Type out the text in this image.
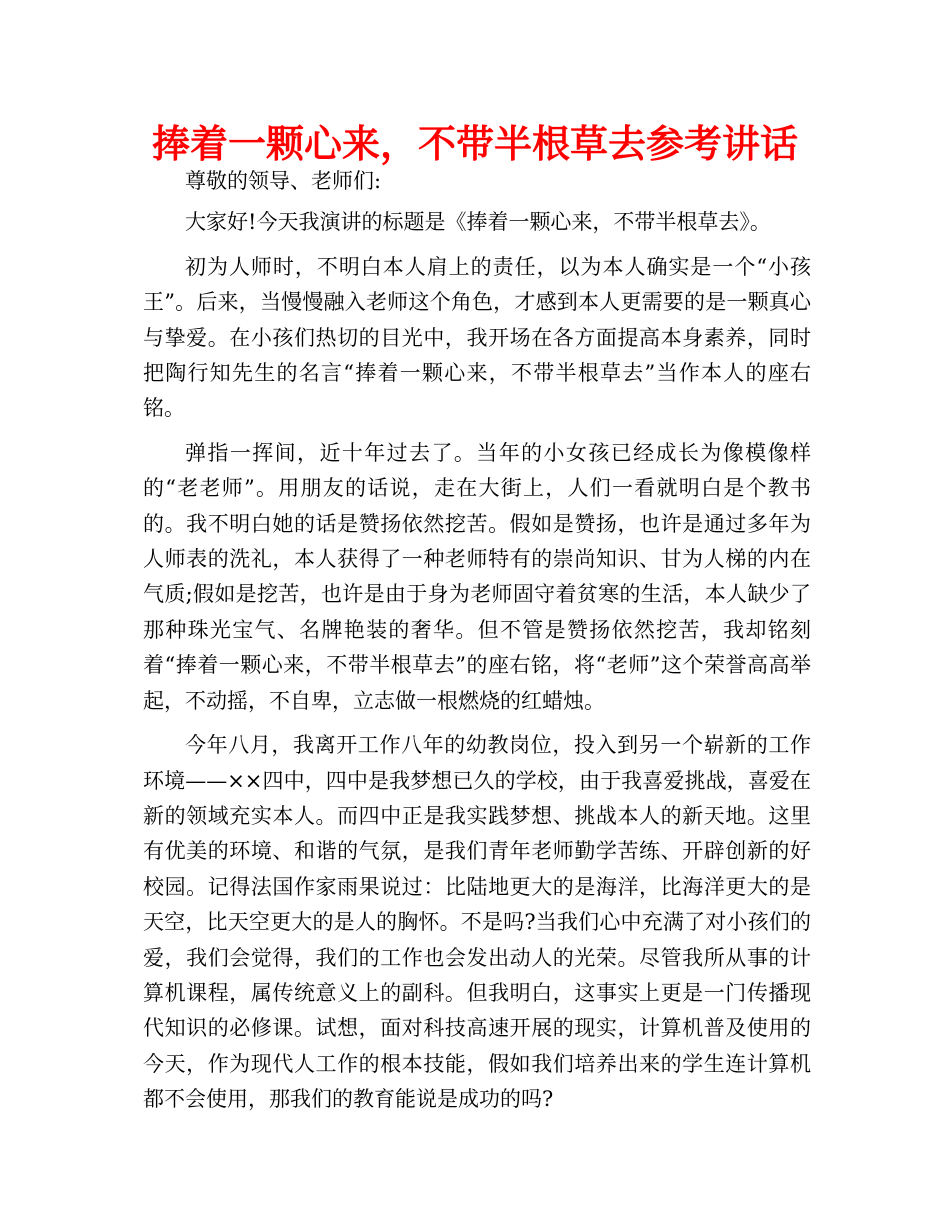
捧着一颗心来，不带半根草去参考讲话

尊敬的领导、老师们:

大家好!今天我演讲的标题是《捧着一颗心来，不带半根草去》。

初为人师时，不明白本人肩上的责任，以为本人确实是一个“小孩王”。后来，当慢慢融入老师这个角色，才感到本人更需要的是一颗真心与挚爱。在小孩们热切的目光中，我开场在各方面提高本身素养，同时把陶行知先生的名言“捧着一颗心来，不带半根草去”当作本人的座右铭。

弹指一挥间，近十年过去了。当年的小女孩已经成长为像模像样的“老老师”。用朋友的话说，走在大街上，人们一看就明白是个教书的。我不明白她的话是赞扬依然挖苦。假如是赞扬，也许是通过多年为人师表的洗礼，本人获得了一种老师特有的崇尚知识、甘为人梯的内在气质;假如是挖苦，也许是由于身为老师固守着贫寒的生活，本人缺少了那种珠光宝气、名牌艳装的奢华。但不管是赞扬依然挖苦，我却铭刻着“捧着一颗心来，不带半根草去”的座右铭，将“老师”这个荣誉高高举起，不动摇，不自卑，立志做一根燃烧的红蜡烛。

今年八月，我离开工作八年的幼教岗位，投入到另一个崭新的工作环境——××四中，四中是我梦想已久的学校，由于我喜爱挑战，喜爱在新的领域充实本人。而四中正是我实践梦想、挑战本人的新天地。这里有优美的环境、和谐的气氛，是我们青年老师勤学苦练、开辟创新的好校园。记得法国作家雨果说过：比陆地更大的是海洋，比海洋更大的是天空，比天空更大的是人的胸怀。不是吗?当我们心中充满了对小孩们的爱，我们会觉得，我们的工作也会发出动人的光荣。尽管我所从事的计算机课程，属传统意义上的副科。但我明白，这事实上更是一门传播现代知识的必修课。试想，面对科技高速开展的现实，计算机普及使用的今天，作为现代人工作的根本技能，假如我们培养出来的学生连计算机都不会使用，那我们的教育能说是成功的吗?
